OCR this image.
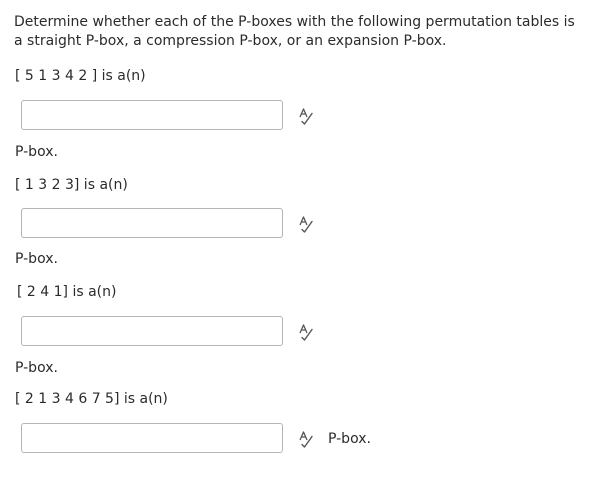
Determine whether each of the P-boxes with the following permutation tables is a straight P-box, a compression P-box, or an expansion P-box.

[ 5 1 3 4 2 ] is a(n)
P-box.
[ 1 3 2 3] is a(n)
P-box.
[ 2 4 1] is a(n)
P-box.
[ 2 1 3 4 6 7 5] is a(n)
P-box.
